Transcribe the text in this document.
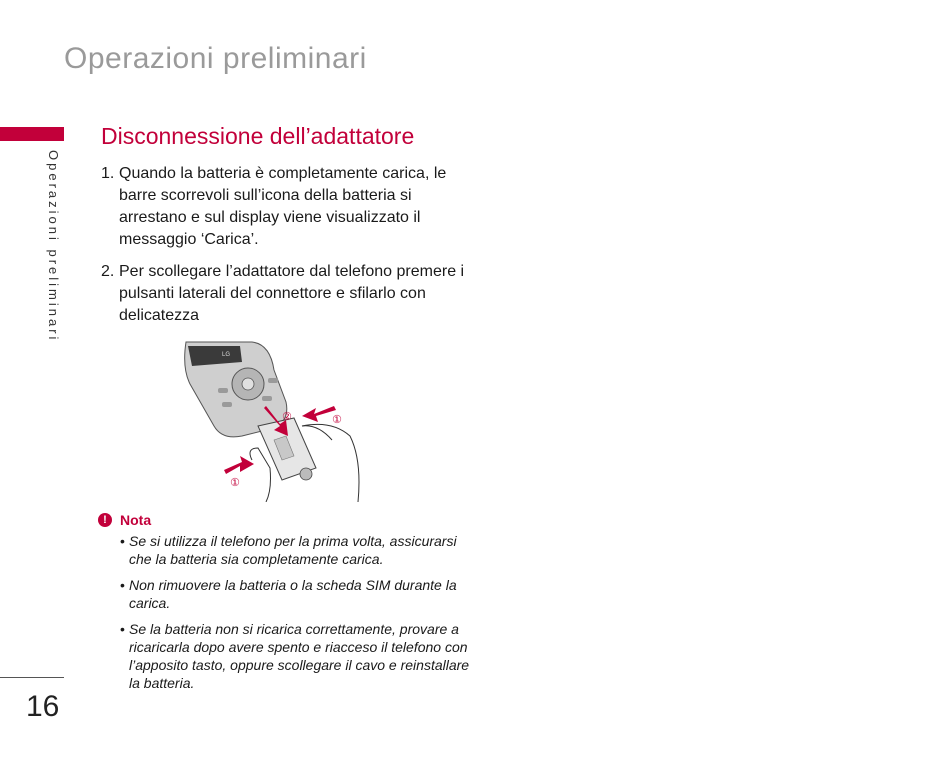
Operazioni preliminari
Operazioni preliminari
Disconnessione dell’adattatore
1. Quando la batteria è completamente carica, le barre scorrevoli sull’icona della batteria si arrestano e sul display viene visualizzato il messaggio ‘Carica’.
2. Per scollegare l’adattatore dal telefono premere i pulsanti laterali del connettore e sfilarlo con delicatezza
LG
②	①
①
! Nota
• Se si utilizza il telefono per la prima volta, assicurarsi che la batteria sia completamente carica.
• Non rimuovere la batteria o la scheda SIM durante la carica.
• Se la batteria non si ricarica correttamente, provare a ricaricarla dopo avere spento e riacceso il telefono con l’apposito tasto, oppure scollegare il cavo e reinstallare la batteria.
16
